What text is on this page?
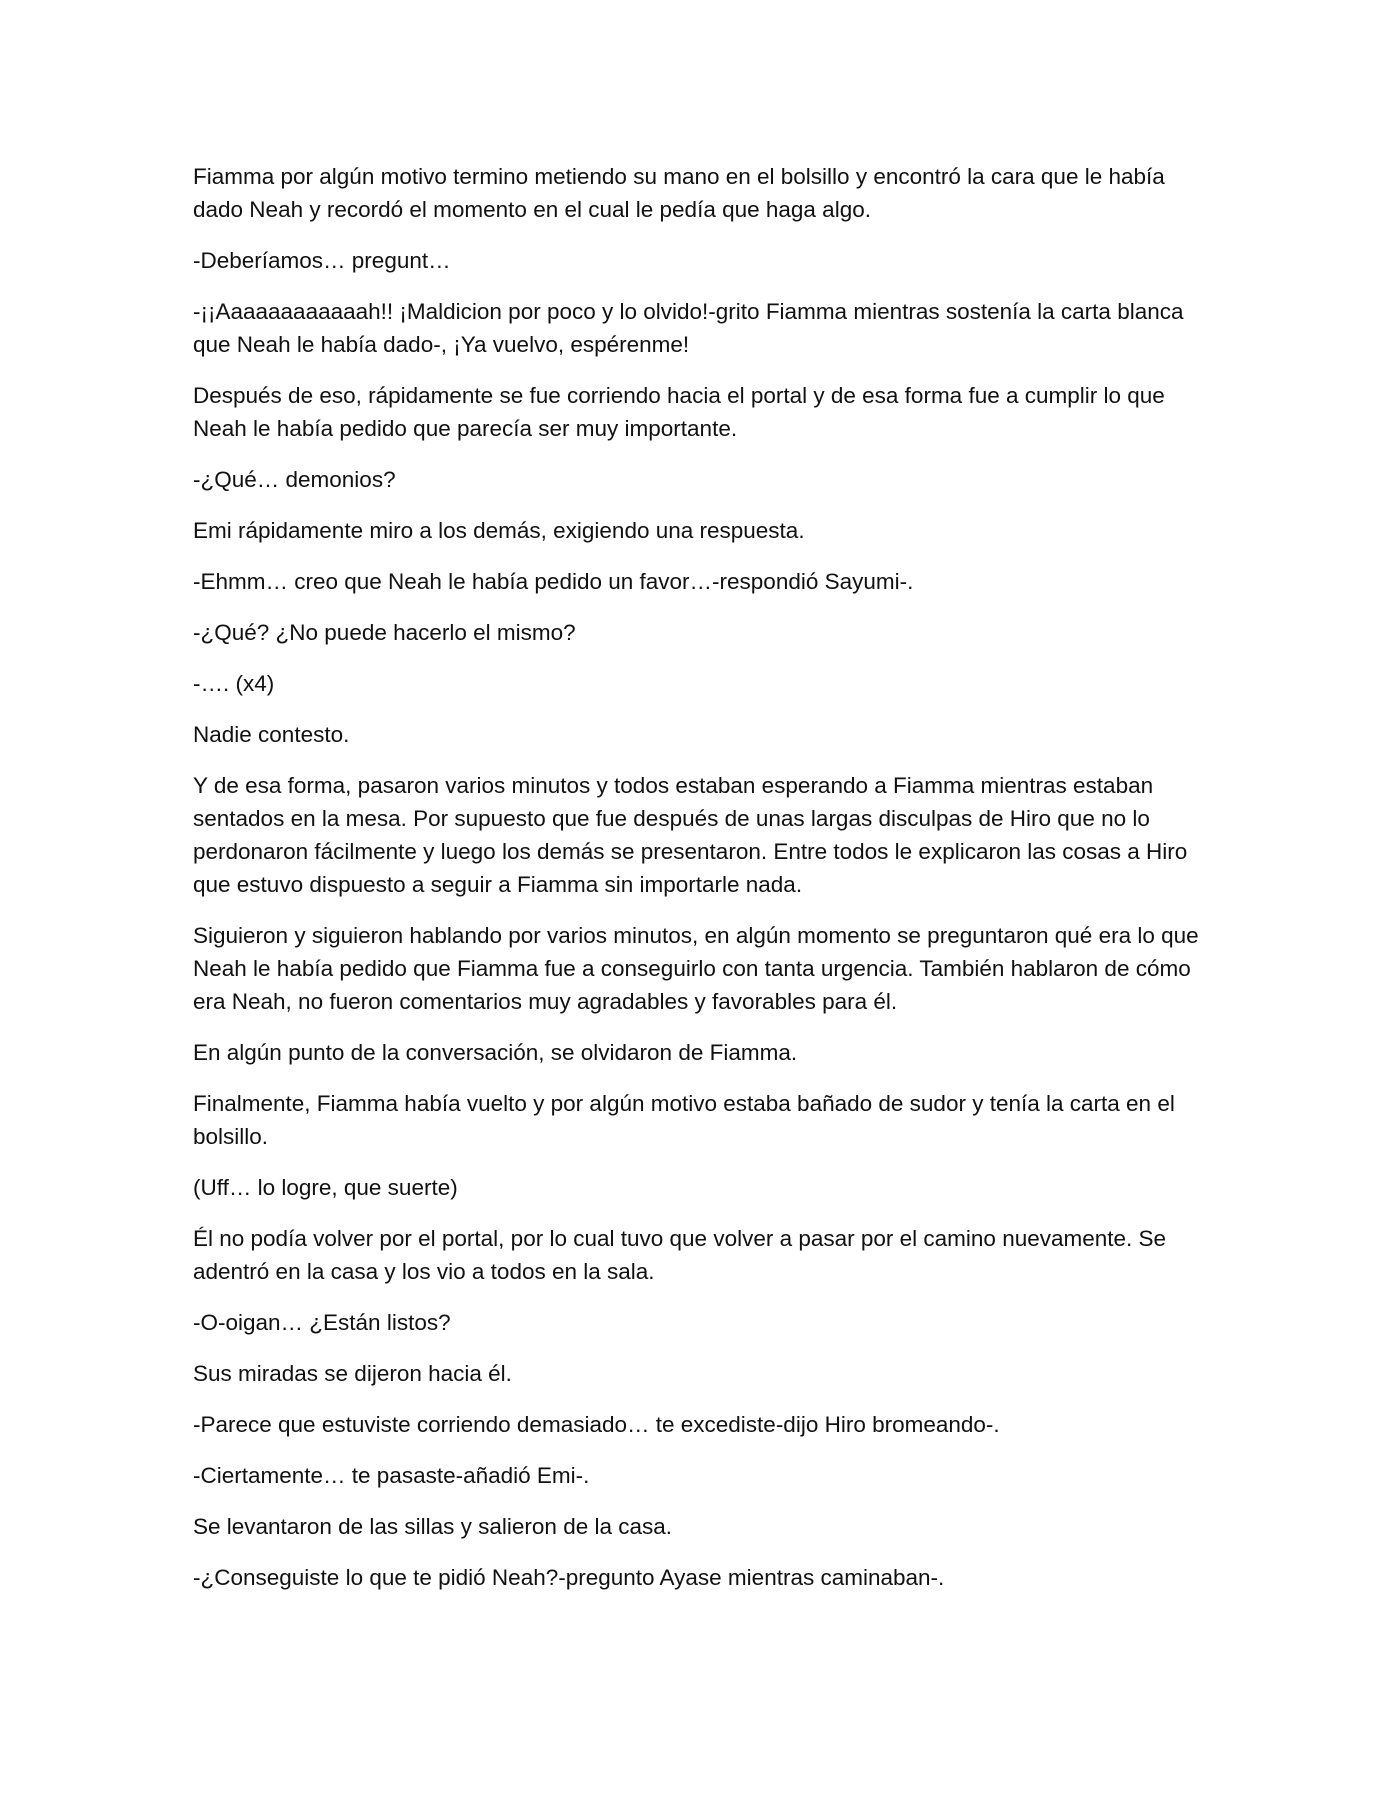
Fiamma por algún motivo termino metiendo su mano en el bolsillo y encontró la cara que le había dado Neah y recordó el momento en el cual le pedía que haga algo.

-Deberíamos… pregunt…

-¡¡Aaaaaaaaaaaah!! ¡Maldicion por poco y lo olvido!-grito Fiamma mientras sostenía la carta blanca que Neah le había dado-, ¡Ya vuelvo, espérenme!

Después de eso, rápidamente se fue corriendo hacia el portal y de esa forma fue a cumplir lo que Neah le había pedido que parecía ser muy importante.

-¿Qué… demonios?

Emi rápidamente miro a los demás, exigiendo una respuesta.

-Ehmm… creo que Neah le había pedido un favor…-respondió Sayumi-.

-¿Qué? ¿No puede hacerlo el mismo?

-…. (x4)

Nadie contesto.

Y de esa forma, pasaron varios minutos y todos estaban esperando a Fiamma mientras estaban sentados en la mesa. Por supuesto que fue después de unas largas disculpas de Hiro que no lo perdonaron fácilmente y luego los demás se presentaron. Entre todos le explicaron las cosas a Hiro que estuvo dispuesto a seguir a Fiamma sin importarle nada.

Siguieron y siguieron hablando por varios minutos, en algún momento se preguntaron qué era lo que Neah le había pedido que Fiamma fue a conseguirlo con tanta urgencia. También hablaron de cómo era Neah, no fueron comentarios muy agradables y favorables para él.

En algún punto de la conversación, se olvidaron de Fiamma.

Finalmente, Fiamma había vuelto y por algún motivo estaba bañado de sudor y tenía la carta en el bolsillo.

(Uff… lo logre, que suerte)

Él no podía volver por el portal, por lo cual tuvo que volver a pasar por el camino nuevamente. Se adentró en la casa y los vio a todos en la sala.

-O-oigan… ¿Están listos?

Sus miradas se dijeron hacia él.

-Parece que estuviste corriendo demasiado… te excediste-dijo Hiro bromeando-.

-Ciertamente… te pasaste-añadió Emi-.

Se levantaron de las sillas y salieron de la casa.

-¿Conseguiste lo que te pidió Neah?-pregunto Ayase mientras caminaban-.
